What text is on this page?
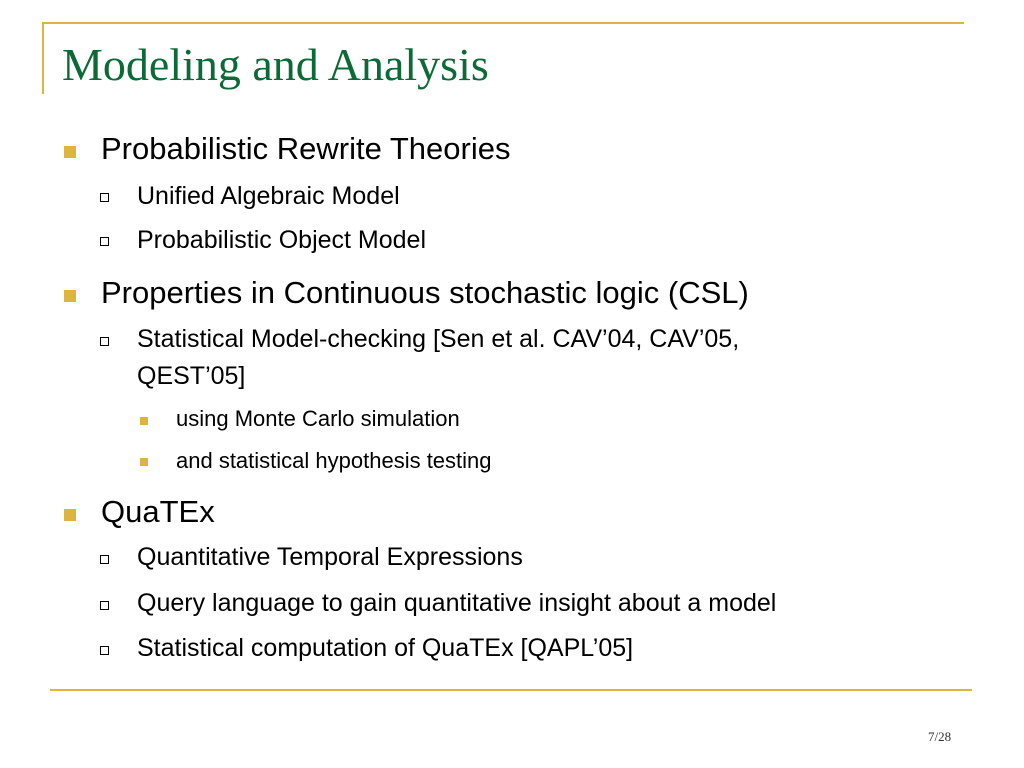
Modeling and Analysis
Probabilistic Rewrite Theories
Unified Algebraic Model
Probabilistic Object Model
Properties in Continuous stochastic logic (CSL)
Statistical Model-checking [Sen et al. CAV’04, CAV’05,
QEST’05]
using Monte Carlo simulation
and statistical hypothesis testing
QuaTEx
Quantitative Temporal Expressions
Query language to gain quantitative insight about a model
Statistical computation of QuaTEx [QAPL’05]
7/28
